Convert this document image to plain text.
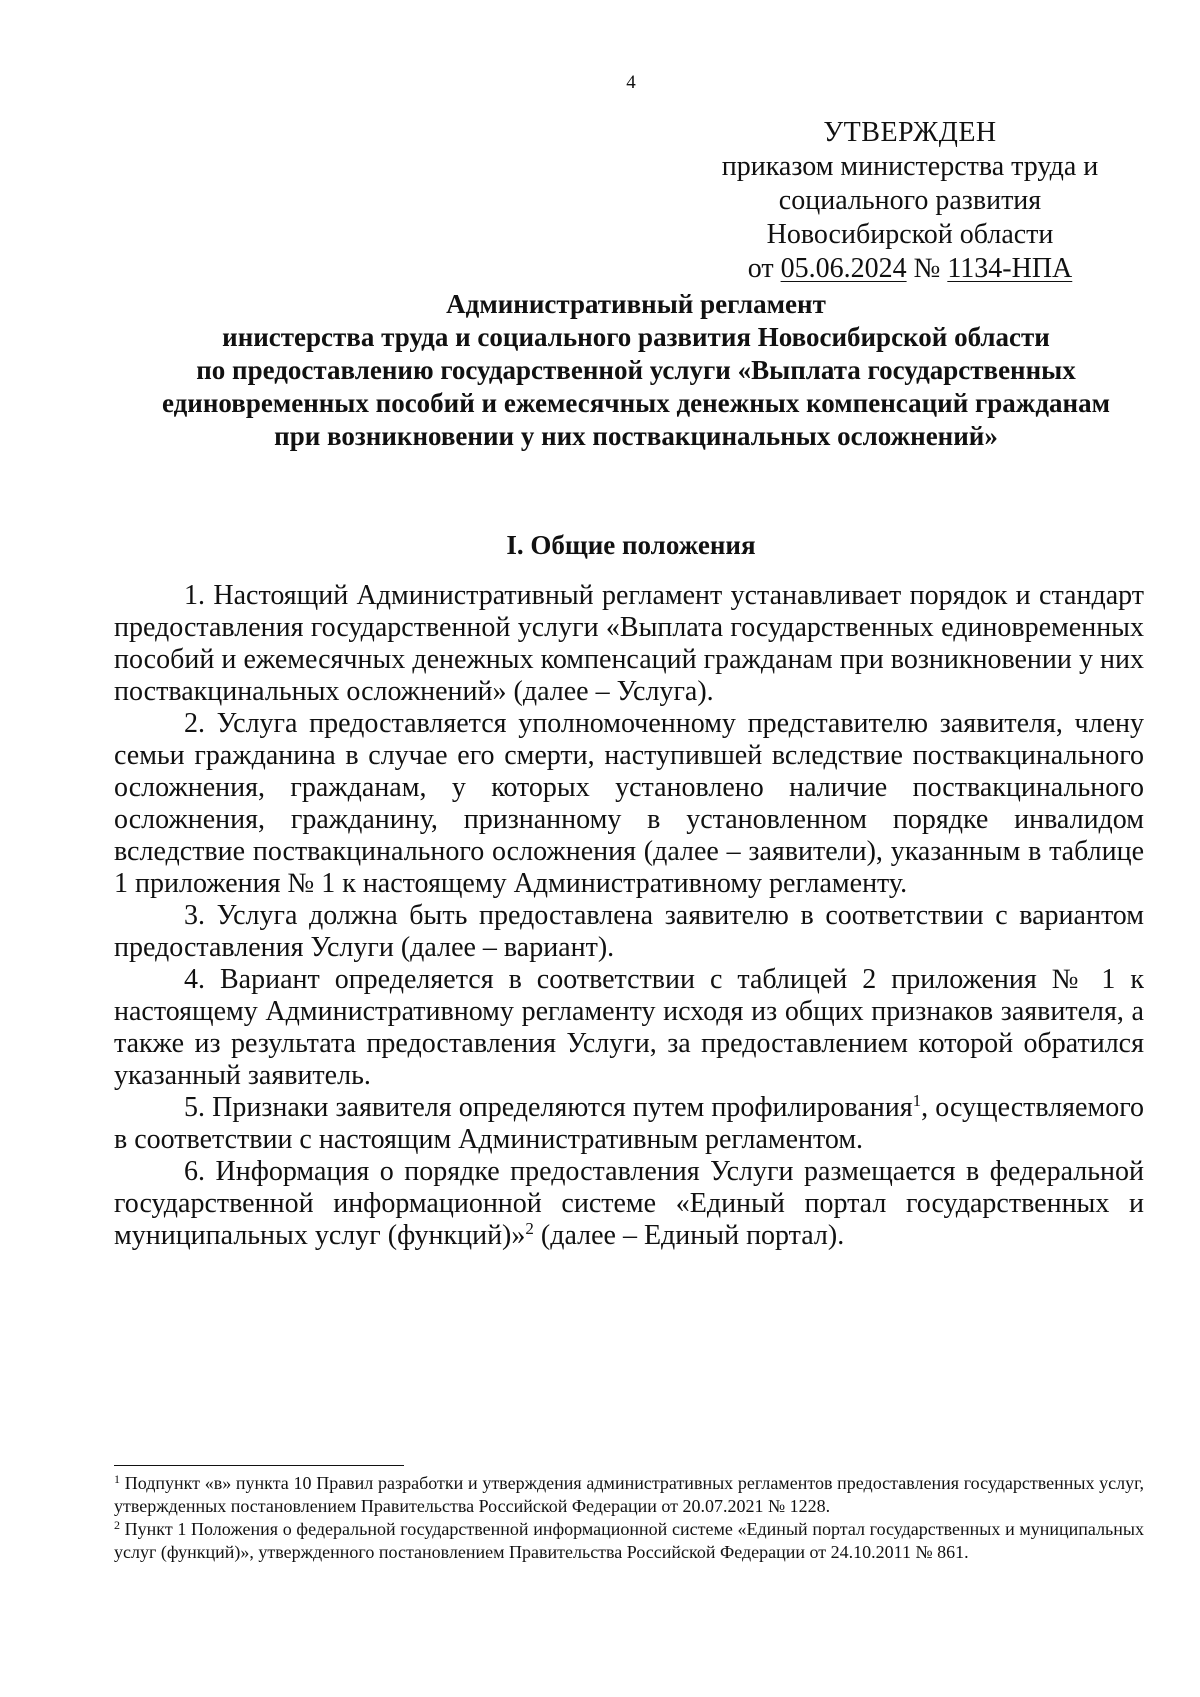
4

УТВЕРЖДЕН
приказом министерства труда и
социального развития
Новосибирской области
от 05.06.2024 № 1134-НПА
Административный регламент
инистерства труда и социального развития Новосибирской области
по предоставлению государственной услуги «Выплата государственных
единовременных пособий и ежемесячных денежных компенсаций гражданам
при возникновении у них поствакцинальных осложнений»

I. Общие положения

1. Настоящий Административный регламент устанавливает порядок и стандарт предоставления государственной услуги «Выплата государственных единовременных пособий и ежемесячных денежных компенсаций гражданам при возникновении у них поствакцинальных осложнений» (далее – Услуга).

2. Услуга предоставляется уполномоченному представителю заявителя, члену семьи гражданина в случае его смерти, наступившей вследствие поствакцинального осложнения, гражданам, у которых установлено наличие поствакцинального осложнения, гражданину, признанному в установленном порядке инвалидом вследствие поствакцинального осложнения (далее – заявители), указанным в таблице 1 приложения № 1 к настоящему Административному регламенту.

3. Услуга должна быть предоставлена заявителю в соответствии с вариантом предоставления Услуги (далее – вариант).

4. Вариант определяется в соответствии с таблицей 2 приложения № 1 к настоящему Административному регламенту исходя из общих признаков заявителя, а также из результата предоставления Услуги, за предоставлением которой обратился указанный заявитель.

5. Признаки заявителя определяются путем профилирования$^1$, осуществляемого в соответствии с настоящим Административным регламентом.

6. Информация о порядке предоставления Услуги размещается в федеральной государственной информационной системе «Единый портал государственных и муниципальных услуг (функций)»$^2$ (далее – Единый портал).

$^1$ Подпункт «в» пункта 10 Правил разработки и утверждения административных регламентов предоставления государственных услуг, утвержденных постановлением Правительства Российской Федерации от 20.07.2021 № 1228.

$^2$ Пункт 1 Положения о федеральной государственной информационной системе «Единый портал государственных и муниципальных услуг (функций)», утвержденного постановлением Правительства Российской Федерации от 24.10.2011 № 861.
